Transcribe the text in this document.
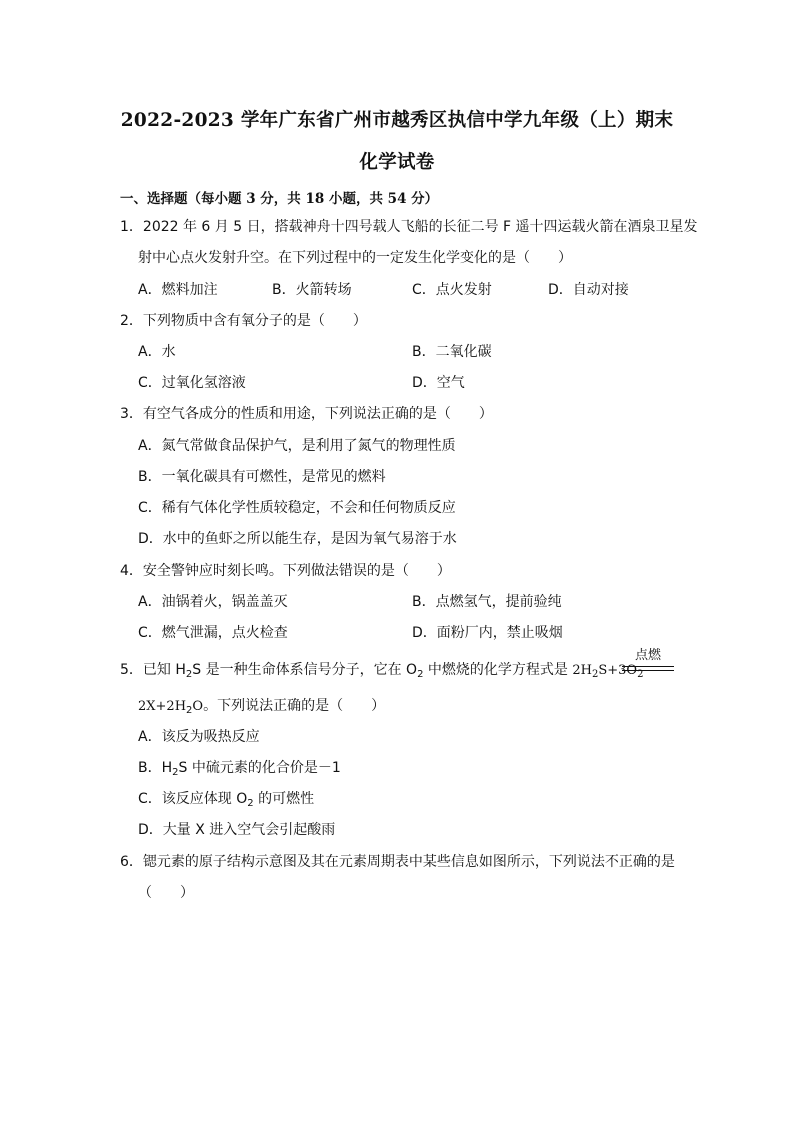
2022-2023 学年广东省广州市越秀区执信中学九年级（上）期末
化学试卷
一、选择题（每小题 3 分，共 18 小题，共 54 分）
1．2022 年 6 月 5 日，搭载神舟十四号载人飞船的长征二号 F 遥十四运载火箭在酒泉卫星发
射中心点火发射升空。在下列过程中的一定发生化学变化的是（　　）
A．燃料加注	B．火箭转场	C．点火发射	D．自动对接
2．下列物质中含有氧分子的是（　　）
A．水	B．二氧化碳
C．过氧化氢溶液	D．空气
3．有空气各成分的性质和用途，下列说法正确的是（　　）
A．氮气常做食品保护气，是利用了氮气的物理性质
B．一氧化碳具有可燃性，是常见的燃料
C．稀有气体化学性质较稳定，不会和任何物质反应
D．水中的鱼虾之所以能生存，是因为氧气易溶于水
4．安全警钟应时刻长鸣。下列做法错误的是（　　）
A．油锅着火，锅盖盖灭	B．点燃氢气，提前验纯
C．燃气泄漏，点火检查	D．面粉厂内，禁止吸烟
5．已知 $H_2S$ 是一种生命体系信号分子，它在 $O_2$ 中燃烧的化学方程式是 $2H_2S+3O_2$
点燃
$2X+2H_2O$。下列说法正确的是（　　）
A．该反为吸热反应
B．$H_2S$ 中硫元素的化合价是－1
C．该反应体现 $O_2$ 的可燃性
D．大量 X 进入空气会引起酸雨
6．锶元素的原子结构示意图及其在元素周期表中某些信息如图所示，下列说法不正确的是
（　　）
